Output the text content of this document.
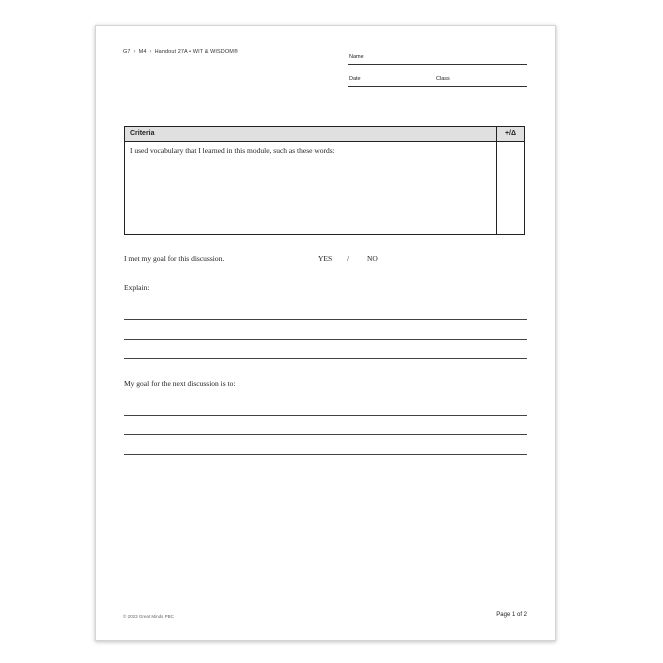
G7 › M4 › Handout 27A • WIT & WISDOM®
Name
Date	Class
Criteria	+/Δ
I used vocabulary that I learned in this module, such as these words:	
I met my goal for this discussion.	YES / NO
Explain:
My goal for the next discussion is to:
© 2023 Great Minds PBC	Page 1 of 2
